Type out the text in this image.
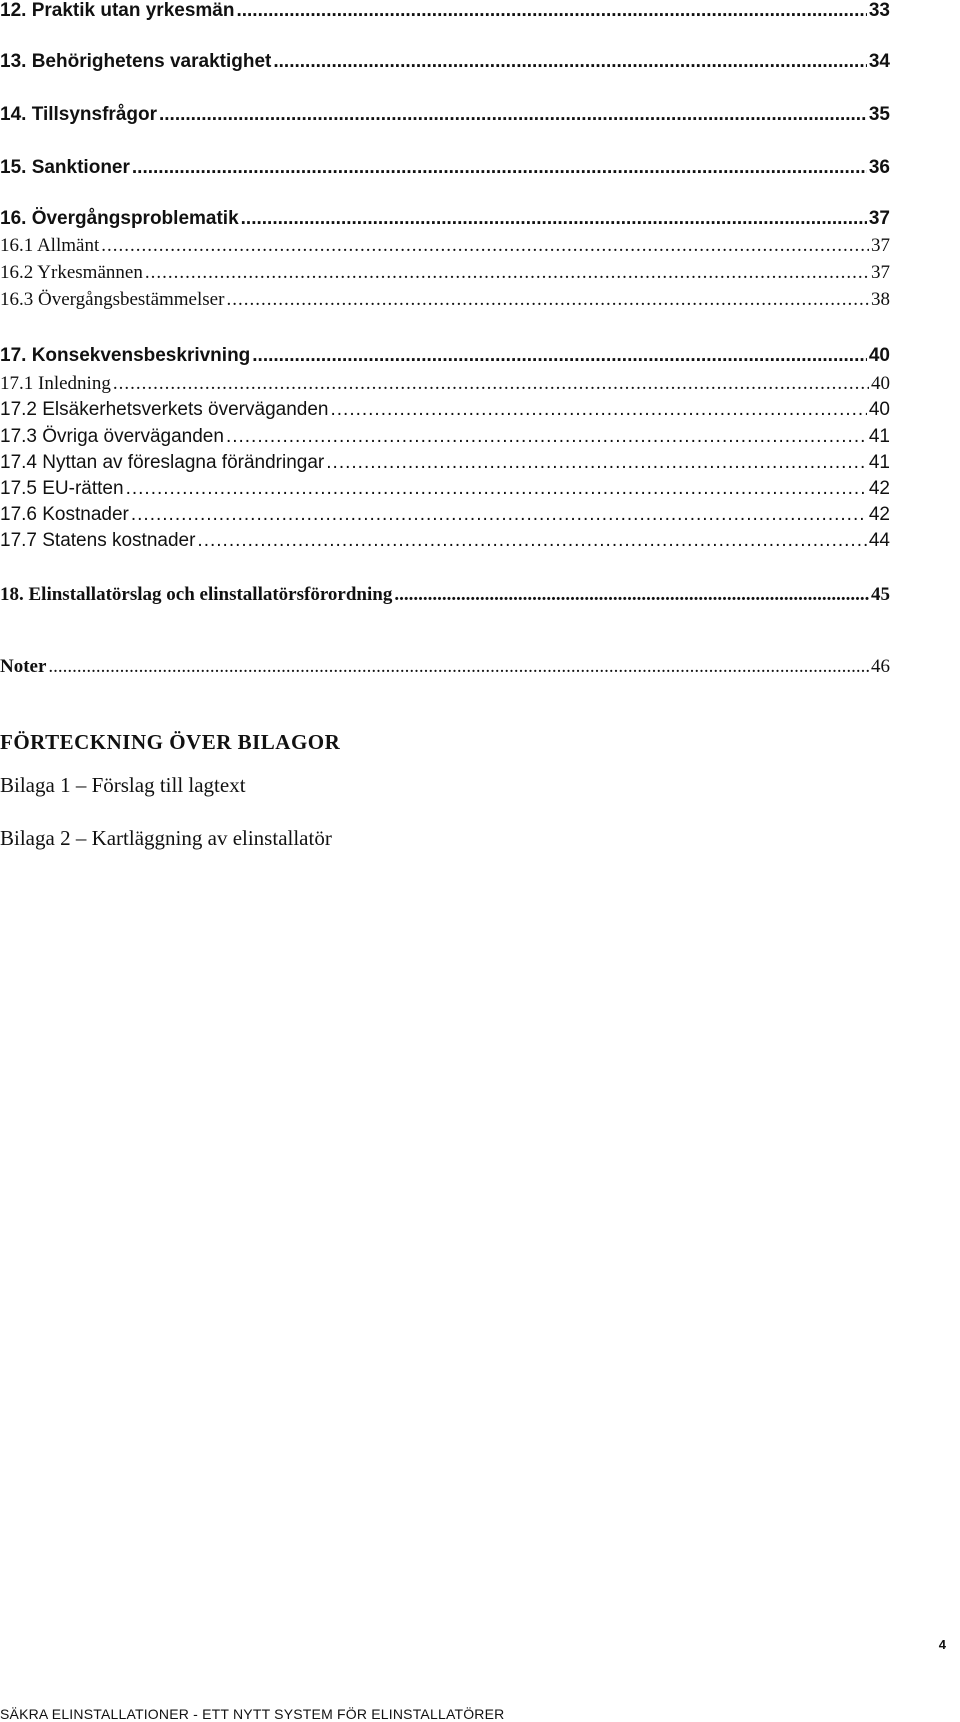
12. Praktik utan yrkesmän .....	33
13. Behörighetens varaktighet .....	34
14. Tillsynsfrågor .....	35
15. Sanktioner .....	36
16. Övergångsproblematik .....	37
16.1 Allmänt .....	37
16.2 Yrkesmännen .....	37
16.3 Övergångsbestämmelser .....	38
17. Konsekvensbeskrivning .....	40
17.1 Inledning .....	40
17.2 Elsäkerhetsverkets överväganden .....	40
17.3 Övriga överväganden .....	41
17.4 Nyttan av föreslagna förändringar .....	41
17.5 EU-rätten .....	42
17.6 Kostnader .....	42
17.7 Statens kostnader .....	44
18. Elinstallatörslag och elinstallatörsförordning .....	45
Noter .....	46
FÖRTECKNING ÖVER BILAGOR
Bilaga 1 – Förslag till lagtext
Bilaga 2 – Kartläggning av elinstallatör
4
SÄKRA ELINSTALLATIONER - ETT NYTT SYSTEM FÖR ELINSTALLATÖRER
